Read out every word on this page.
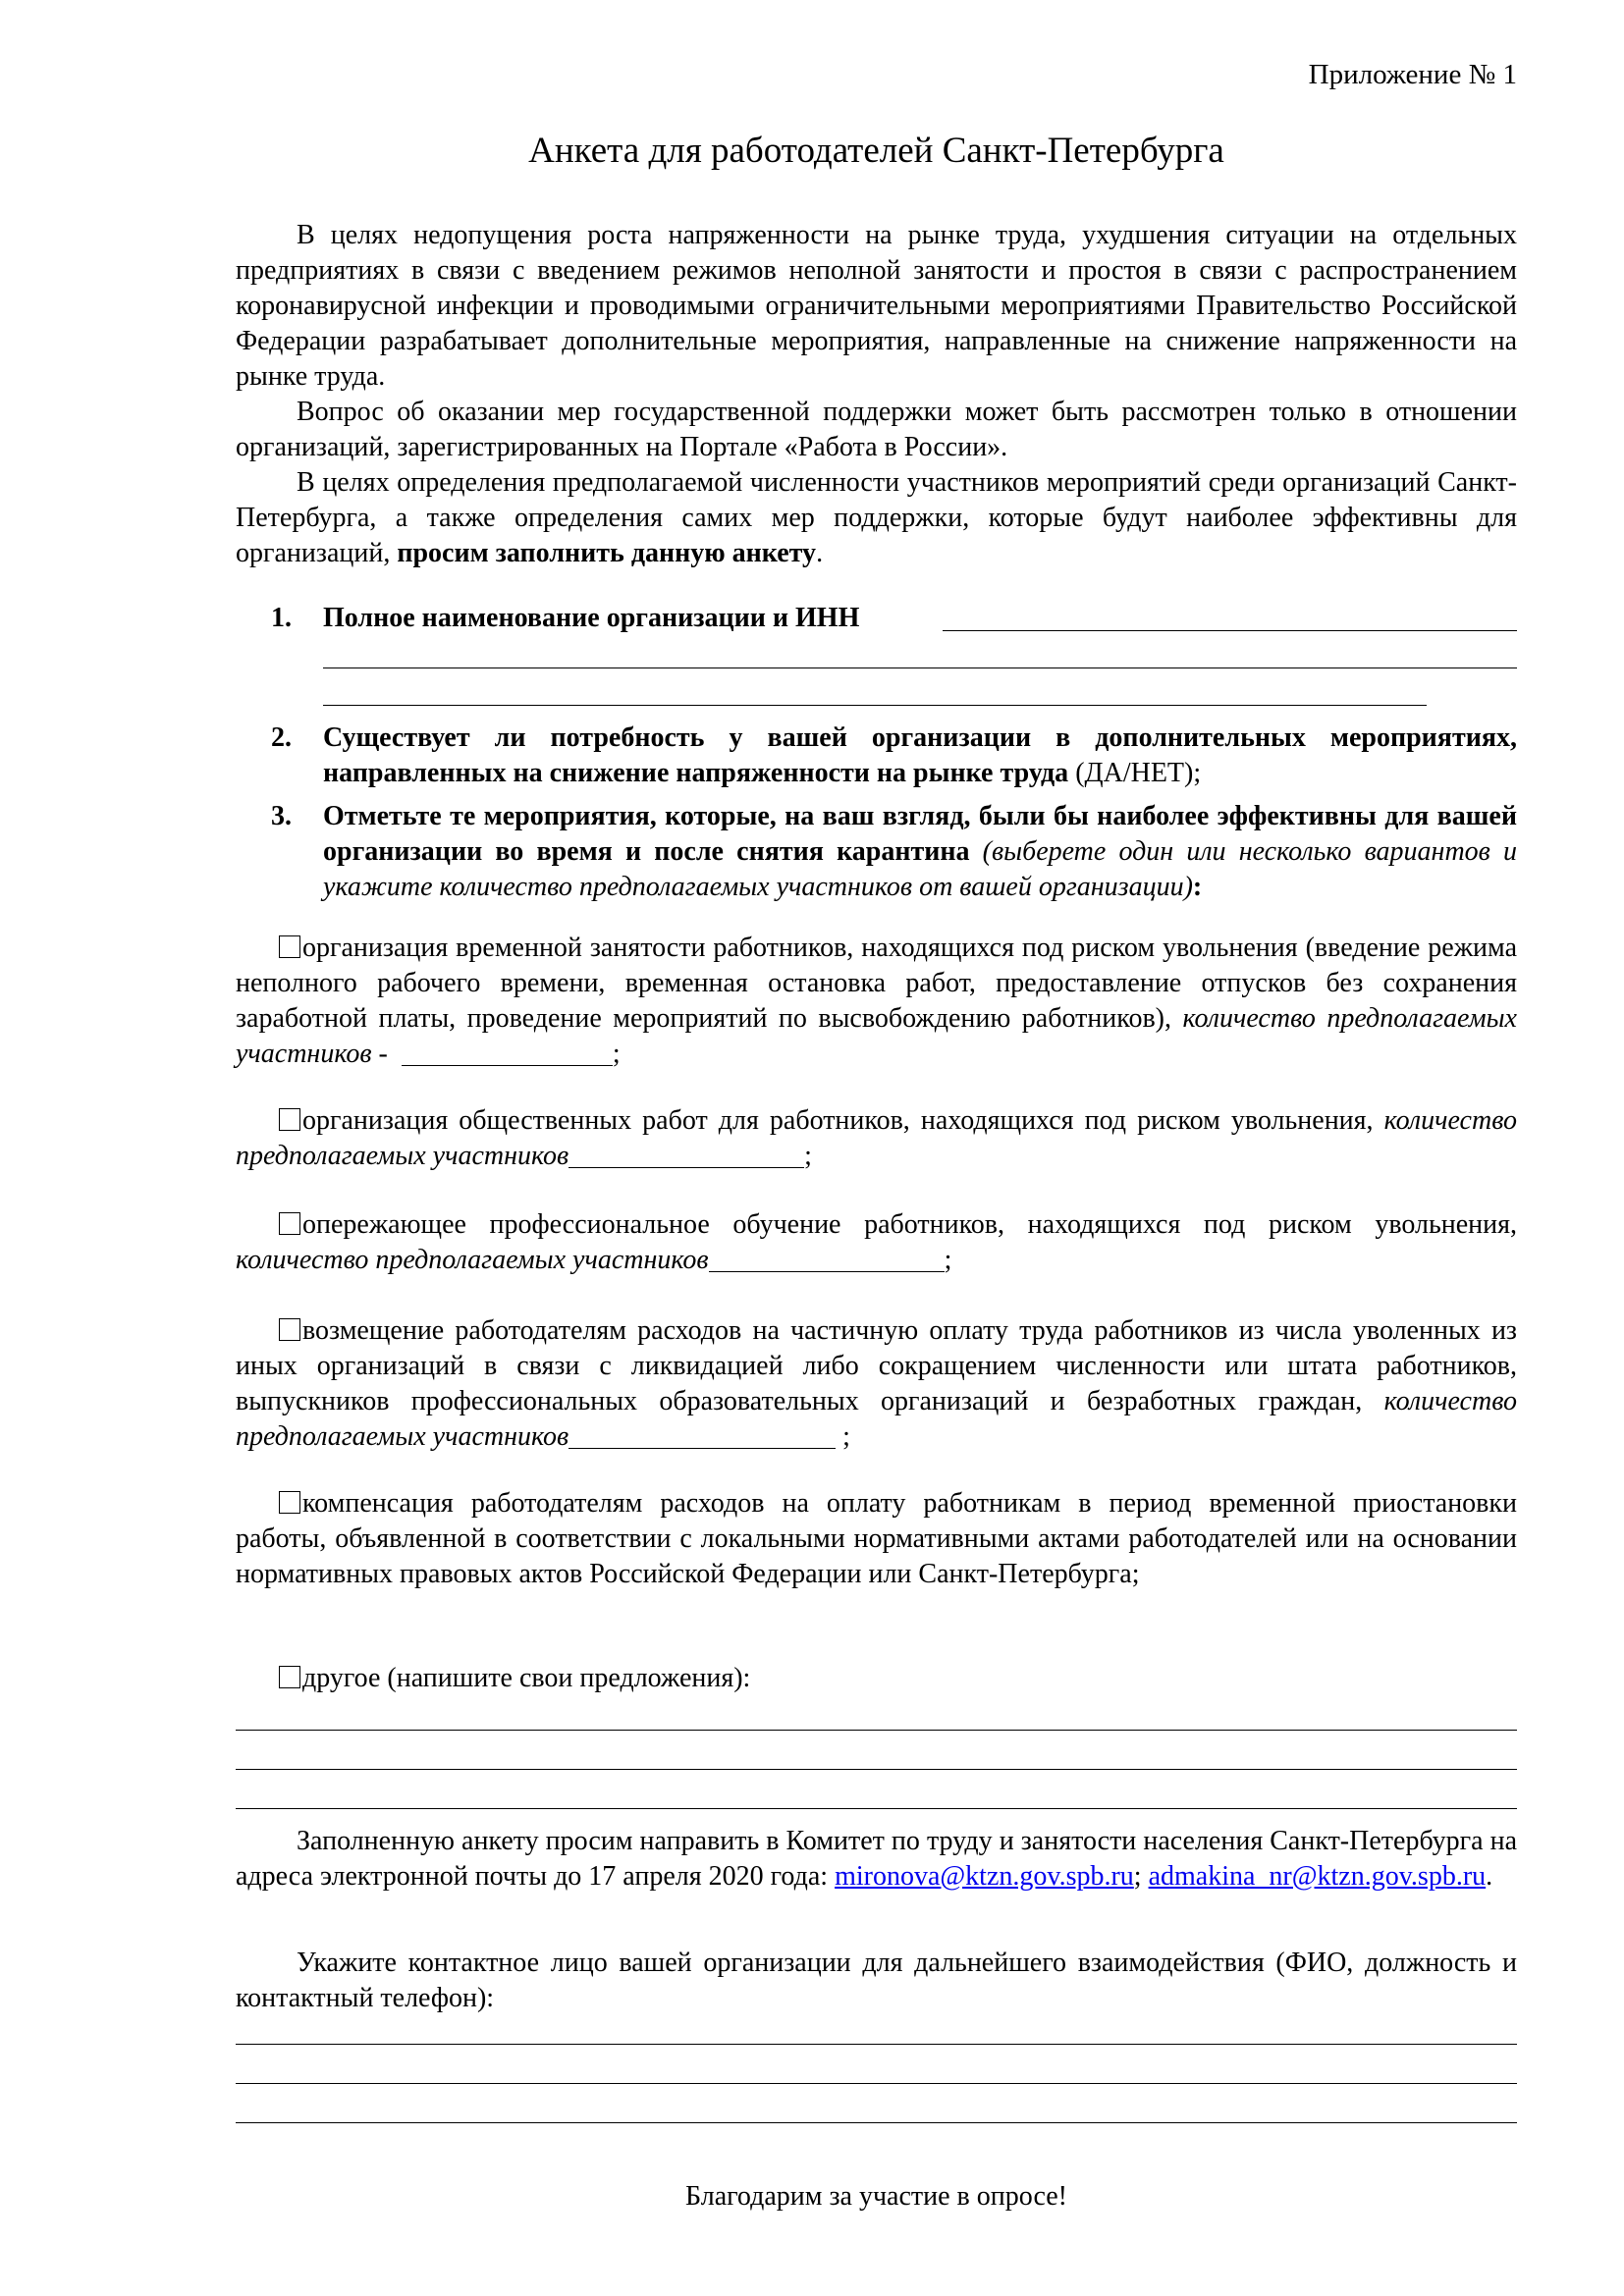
Приложение № 1
Анкета для работодателей Санкт-Петербурга
В целях недопущения роста напряженности на рынке труда, ухудшения ситуации на отдельных предприятиях в связи с введением режимов неполной занятости и простоя в связи с распространением коронавирусной инфекции и проводимыми ограничительными мероприятиями Правительство Российской Федерации разрабатывает дополнительные мероприятия, направленные на снижение напряженности на рынке труда.
Вопрос об оказании мер государственной поддержки может быть рассмотрен только в отношении организаций, зарегистрированных на Портале «Работа в России».
В целях определения предполагаемой численности участников мероприятий среди организаций Санкт-Петербурга, а также определения самих мер поддержки, которые будут наиболее эффективны для организаций, просим заполнить данную анкету.
1. Полное наименование организации и ИНН
2. Существует ли потребность у вашей организации в дополнительных мероприятиях, направленных на снижение напряженности на рынке труда (ДА/НЕТ);
3. Отметьте те мероприятия, которые, на ваш взгляд, были бы наиболее эффективны для вашей организации во время и после снятия карантина (выберете один или несколько вариантов и укажите количество предполагаемых участников от вашей организации):
организация временной занятости работников, находящихся под риском увольнения (введение режима неполного рабочего времени, временная остановка работ, предоставление отпусков без сохранения заработной платы, проведение мероприятий по высвобождению работников), количество предполагаемых участников -	;
организация общественных работ для работников, находящихся под риском увольнения, количество предполагаемых участников	;
опережающее профессиональное обучение работников, находящихся под риском увольнения, количество предполагаемых участников	;
возмещение работодателям расходов на частичную оплату труда работников из числа уволенных из иных организаций в связи с ликвидацией либо сокращением численности или штата работников, выпускников профессиональных образовательных организаций и безработных граждан, количество предполагаемых участников	;
компенсация работодателям расходов на оплату работникам в период временной приостановки работы, объявленной в соответствии с локальными нормативными актами работодателей или на основании нормативных правовых актов Российской Федерации или Санкт-Петербурга;
другое (напишите свои предложения):
Заполненную анкету просим направить в Комитет по труду и занятости населения Санкт-Петербурга на адреса электронной почты до 17 апреля 2020 года: mironova@ktzn.gov.spb.ru; admakina_nr@ktzn.gov.spb.ru.
Укажите контактное лицо вашей организации для дальнейшего взаимодействия (ФИО, должность и контактный телефон):
Благодарим за участие в опросе!
